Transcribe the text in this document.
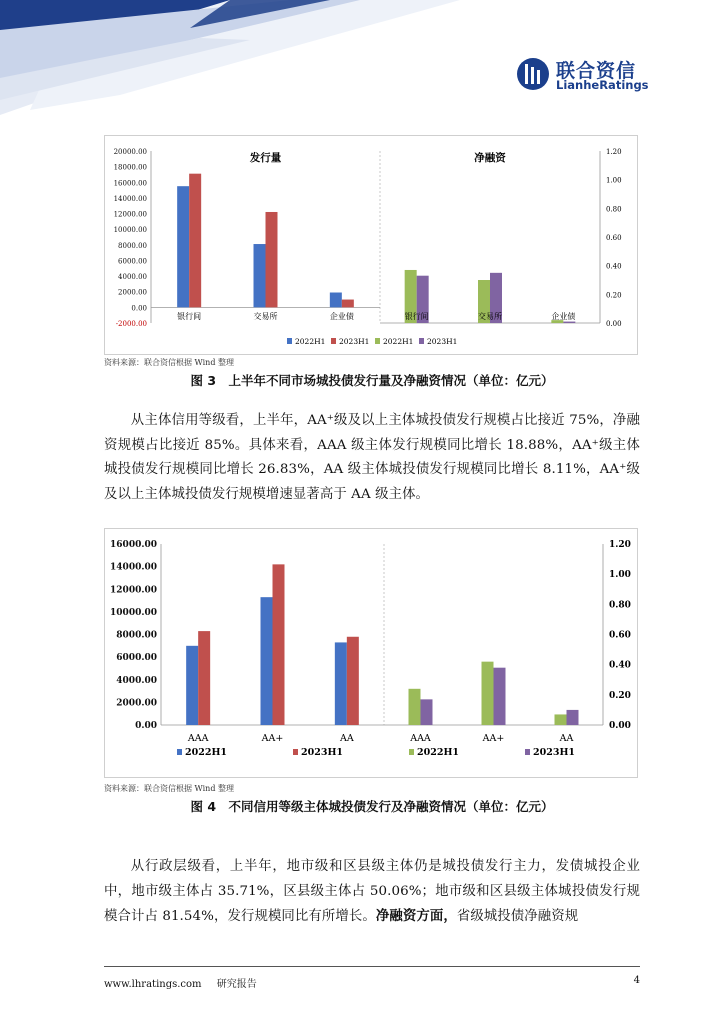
联合资信
LianheRatings
20000.00
18000.00
16000.00
14000.00
12000.00
10000.00
8000.00
6000.00
4000.00
2000.00
0.00
-2000.00
1.20
1.00
0.80
0.60
0.40
0.20
0.00
银行间	交易所	企业债	银行间	交易所	企业债
发行量	净融资
2022H1 2023H1 2022H1 2023H1
资料来源：联合资信根据 Wind 整理
图 3　上半年不同市场城投债发行量及净融资情况（单位：亿元）

从主体信用等级看，上半年，AA⁺级及以上主体城投债发行规模占比接近 75%，净融资规模占比接近 85%。具体来看，AAA 级主体发行规模同比增长 18.88%，AA⁺级主体城投债发行规模同比增长 26.83%，AA 级主体城投债发行规模同比增长 8.11%，AA⁺级及以上主体城投债发行规模增速显著高于 AA 级主体。

16000.00
14000.00
12000.00
10000.00
8000.00
6000.00
4000.00
2000.00
0.00
1.20
1.00
0.80
0.60
0.40
0.20
0.00
AAA	AA+	AA	AAA	AA+	AA
2022H1	2023H1	2022H1	2023H1
资料来源：联合资信根据 Wind 整理
图 4　不同信用等级主体城投债发行及净融资情况（单位：亿元）

从行政层级看，上半年，地市级和区县级主体仍是城投债发行主力，发债城投企业中，地市级主体占 35.71%，区县级主体占 50.06%；地市级和区县级主体城投债发行规模合计占 81.54%，发行规模同比有所增长。净融资方面，省级城投债净融资规

www.lhratings.com 研究报告	4
